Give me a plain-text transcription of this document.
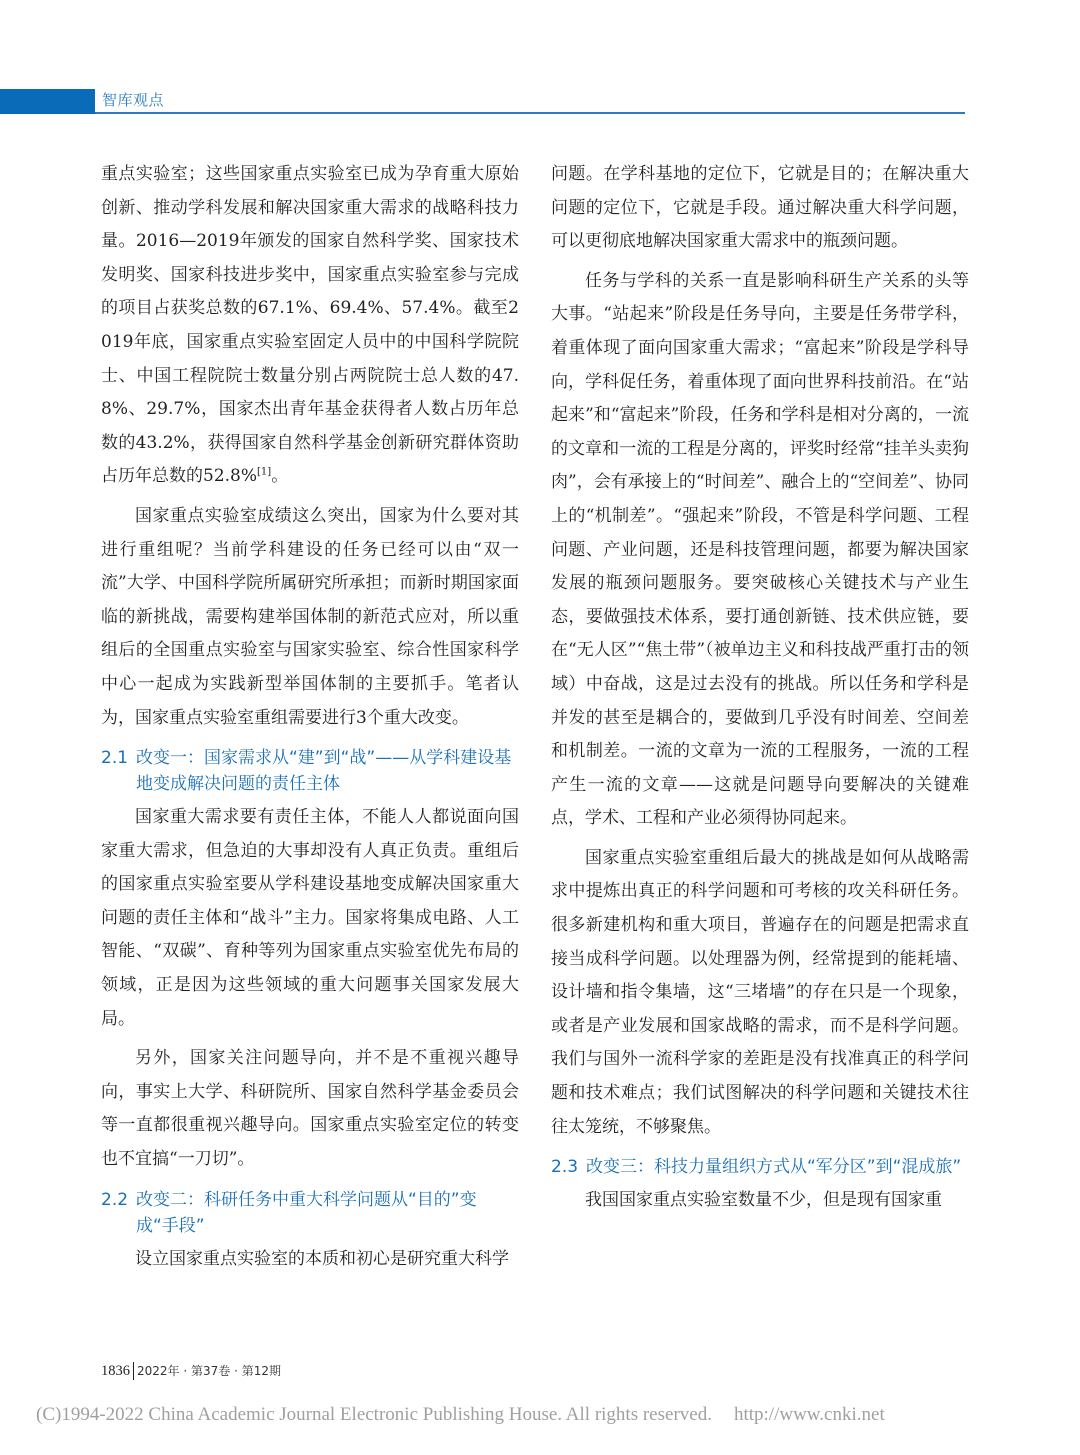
智库观点

重点实验室；这些国家重点实验室已成为孕育重大原始创新、推动学科发展和解决国家重大需求的战略科技力量。2016—2019年颁发的国家自然科学奖、国家技术发明奖、国家科技进步奖中，国家重点实验室参与完成的项目占获奖总数的67.1%、69.4%、57.4%。截至2019年底，国家重点实验室固定人员中的中国科学院院士、中国工程院院士数量分别占两院院士总人数的47.8%、29.7%，国家杰出青年基金获得者人数占历年总数的43.2%，获得国家自然科学基金创新研究群体资助占历年总数的52.8%[1]。

国家重点实验室成绩这么突出，国家为什么要对其进行重组呢？当前学科建设的任务已经可以由“双一流”大学、中国科学院所属研究所承担；而新时期国家面临的新挑战，需要构建举国体制的新范式应对，所以重组后的全国重点实验室与国家实验室、综合性国家科学中心一起成为实践新型举国体制的主要抓手。笔者认为，国家重点实验室重组需要进行3个重大改变。

2.1 改变一：国家需求从“建”到“战”——从学科建设基地变成解决问题的责任主体

国家重大需求要有责任主体，不能人人都说面向国家重大需求，但急迫的大事却没有人真正负责。重组后的国家重点实验室要从学科建设基地变成解决国家重大问题的责任主体和“战斗”主力。国家将集成电路、人工智能、“双碳”、育种等列为国家重点实验室优先布局的领域，正是因为这些领域的重大问题事关国家发展大局。

另外，国家关注问题导向，并不是不重视兴趣导向，事实上大学、科研院所、国家自然科学基金委员会等一直都很重视兴趣导向。国家重点实验室定位的转变也不宜搞“一刀切”。

2.2 改变二：科研任务中重大科学问题从“目的”变成“手段”

设立国家重点实验室的本质和初心是研究重大科学

问题。在学科基地的定位下，它就是目的；在解决重大问题的定位下，它就是手段。通过解决重大科学问题，可以更彻底地解决国家重大需求中的瓶颈问题。

任务与学科的关系一直是影响科研生产关系的头等大事。“站起来”阶段是任务导向，主要是任务带学科，着重体现了面向国家重大需求；“富起来”阶段是学科导向，学科促任务，着重体现了面向世界科技前沿。在“站起来”和“富起来”阶段，任务和学科是相对分离的，一流的文章和一流的工程是分离的，评奖时经常“挂羊头卖狗肉”，会有承接上的“时间差”、融合上的“空间差”、协同上的“机制差”。“强起来”阶段，不管是科学问题、工程问题、产业问题，还是科技管理问题，都要为解决国家发展的瓶颈问题服务。要突破核心关键技术与产业生态，要做强技术体系，要打通创新链、技术供应链，要在“无人区”“焦土带”（被单边主义和科技战严重打击的领域）中奋战，这是过去没有的挑战。所以任务和学科是并发的甚至是耦合的，要做到几乎没有时间差、空间差和机制差。一流的文章为一流的工程服务，一流的工程产生一流的文章——这就是问题导向要解决的关键难点，学术、工程和产业必须得协同起来。

国家重点实验室重组后最大的挑战是如何从战略需求中提炼出真正的科学问题和可考核的攻关科研任务。很多新建机构和重大项目，普遍存在的问题是把需求直接当成科学问题。以处理器为例，经常提到的能耗墙、设计墙和指令集墙，这“三堵墙”的存在只是一个现象，或者是产业发展和国家战略的需求，而不是科学问题。我们与国外一流科学家的差距是没有找准真正的科学问题和技术难点；我们试图解决的科学问题和关键技术往往太笼统，不够聚焦。

2.3 改变三：科技力量组织方式从“军分区”到“混成旅”

我国国家重点实验室数量不少，但是现有国家重

1836 2022年 · 第37卷 · 第12期
(C)1994-2022 China Academic Journal Electronic Publishing House. All rights reserved. http://www.cnki.net
